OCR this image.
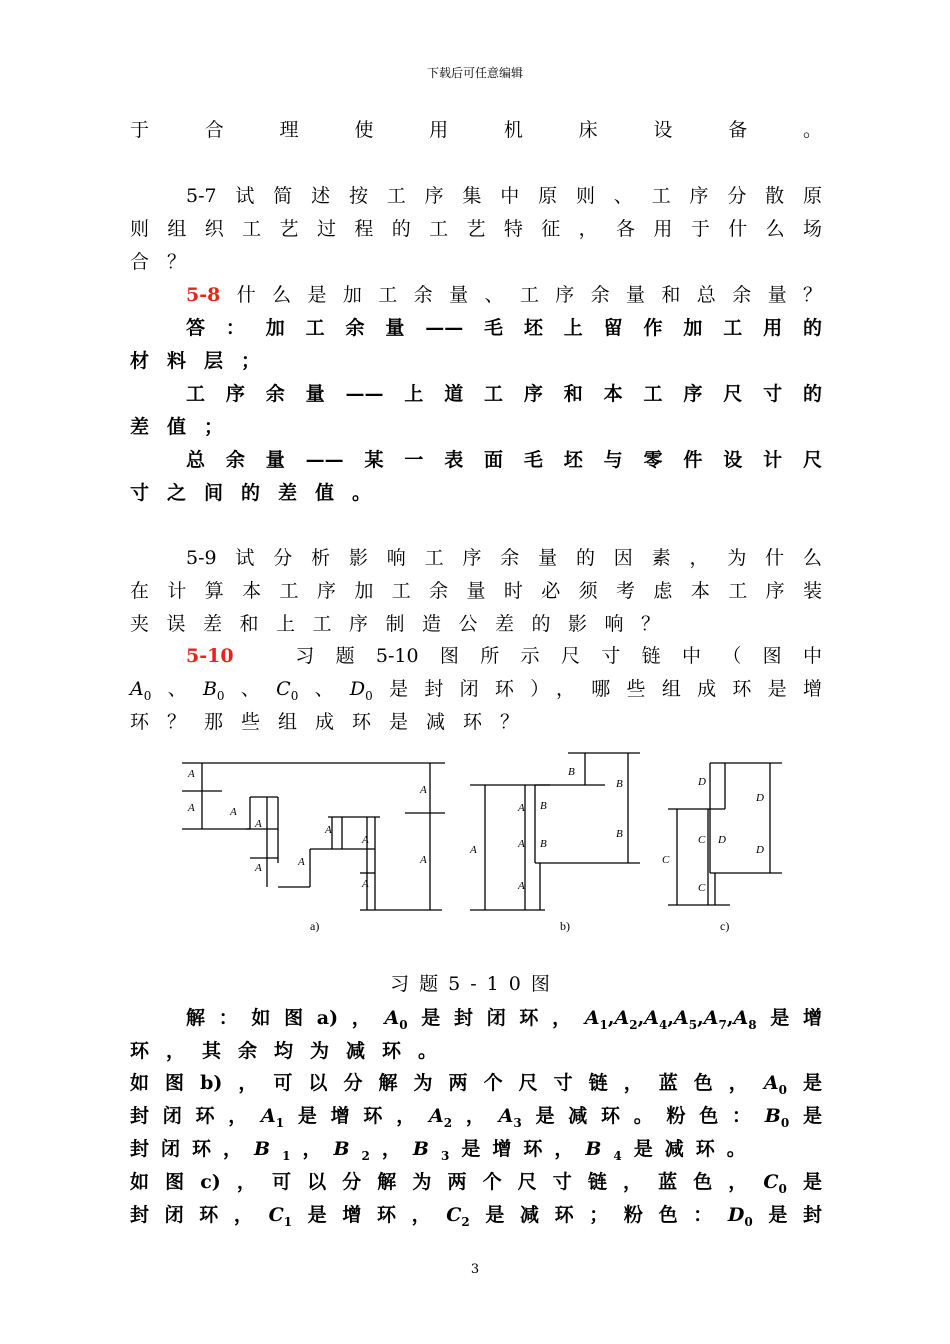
下载后可任意编辑
于合理使用机床设备。
5-7试简述按工序集中原则、工序分散原
则组织工艺过程的工艺特征，各用于什么场
合？
5-8什么是加工余量、工序余量和总余量？
答：加工余量——毛坯上留作加工用的
材料层；
工序余量——上道工序和本工序尺寸的
差值；
总余量——某一表面毛坯与零件设计尺
寸之间的差值。
5-9试分析影响工序余量的因素，为什么
在计算本工序加工余量时必须考虑本工序装
夹误差和上工序制造公差的影响？
5-10　	习题5-10图所示尺寸链中（图中
$A_0$、$B_0$、$C_0$、$D_0$是封闭环），哪些组成环是增
环？那些组成环是减环？
A
A	A
A
A	A
A
A
A
A
A
A
A
A
A
B
B
B
B
B
D
D
C D
D
C
C
a)	b)	c)
习题5-10图
解：如图a)，$A_0$是封闭环，$A_1,A_2,A_4,A_5,A_7,A_8$是增
环，其余均为减环。
如图b)，可以分解为两个尺寸链，蓝色，$A_0$是
封闭环，$A_1$是增环，$A_2$，$A_3$是减环。粉色：$B_0$是
封闭环，$B_1$，$B_2$，$B_3$是增环，$B_4$是减环。
如图c)，可以分解为两个尺寸链，蓝色，$C_0$是
封闭环，$C_1$是增环，$C_2$是减环；粉色：$D_0$是封
3
